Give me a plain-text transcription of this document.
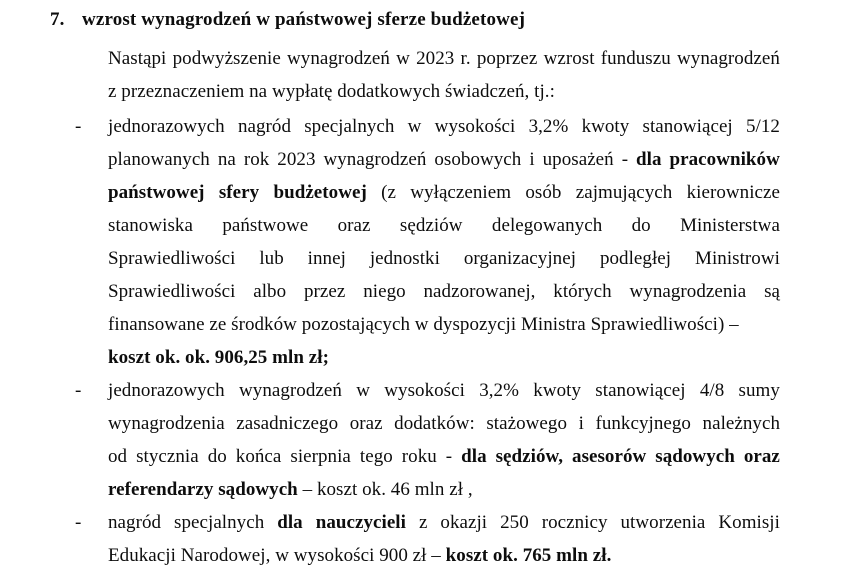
7. wzrost wynagrodzeń w państwowej sferze budżetowej
Nastąpi podwyższenie wynagrodzeń w 2023 r. poprzez wzrost funduszu wynagrodzeń
z przeznaczeniem na wypłatę dodatkowych świadczeń, tj.:
-	jednorazowych nagród specjalnych w wysokości 3,2% kwoty stanowiącej 5/12
planowanych na rok 2023 wynagrodzeń osobowych i uposażeń - dla pracowników
państwowej sfery budżetowej (z wyłączeniem osób zajmujących kierownicze
stanowiska państwowe oraz sędziów delegowanych do Ministerstwa
Sprawiedliwości lub innej jednostki organizacyjnej podległej Ministrowi
Sprawiedliwości albo przez niego nadzorowanej, których wynagrodzenia są
finansowane ze środków pozostających w dyspozycji Ministra Sprawiedliwości) –
koszt ok. ok. 906,25 mln zł;
-	jednorazowych wynagrodzeń w wysokości 3,2% kwoty stanowiącej 4/8 sumy
wynagrodzenia zasadniczego oraz dodatków: stażowego i funkcyjnego należnych
od stycznia do końca sierpnia tego roku - dla sędziów, asesorów sądowych oraz
referendarzy sądowych – koszt ok. 46 mln zł ,
-	nagród specjalnych dla nauczycieli z okazji 250 rocznicy utworzenia Komisji
Edukacji Narodowej, w wysokości 900 zł – koszt ok. 765 mln zł.
